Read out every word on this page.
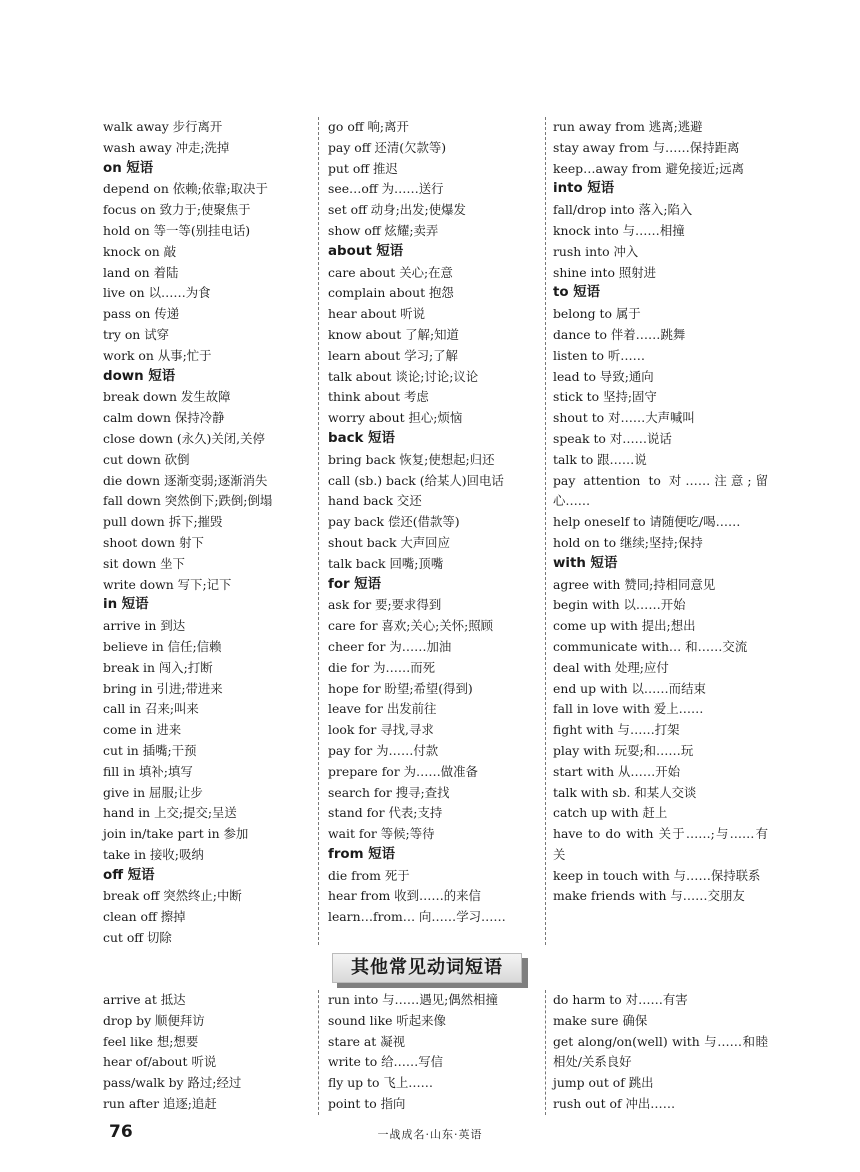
walk away 步行离开
wash away 冲走;洗掉
on 短语
depend on 依赖;依靠;取决于
focus on 致力于;使聚焦于
hold on 等一等(别挂电话)
knock on 敲
land on 着陆
live on 以……为食
pass on 传递
try on 试穿
work on 从事;忙于
down 短语
break down 发生故障
calm down 保持冷静
close down (永久)关闭,关停
cut down 砍倒
die down 逐渐变弱;逐渐消失
fall down 突然倒下;跌倒;倒塌
pull down 拆下;摧毁
shoot down 射下
sit down 坐下
write down 写下;记下
in 短语
arrive in 到达
believe in 信任;信赖
break in 闯入;打断
bring in 引进;带进来
call in 召来;叫来
come in 进来
cut in 插嘴;干预
fill in 填补;填写
give in 屈服;让步
hand in 上交;提交;呈送
join in/take part in 参加
take in 接收;吸纳
off 短语
break off 突然终止;中断
clean off 擦掉
cut off 切除
go off 响;离开
pay off 还清(欠款等)
put off 推迟
see…off 为……送行
set off 动身;出发;使爆发
show off 炫耀;卖弄
about 短语
care about 关心;在意
complain about 抱怨
hear about 听说
know about 了解;知道
learn about 学习;了解
talk about 谈论;讨论;议论
think about 考虑
worry about 担心;烦恼
back 短语
bring back 恢复;使想起;归还
call (sb.) back (给某人)回电话
hand back 交还
pay back 偿还(借款等)
shout back 大声回应
talk back 回嘴;顶嘴
for 短语
ask for 要;要求得到
care for 喜欢;关心;关怀;照顾
cheer for 为……加油
die for 为……而死
hope for 盼望;希望(得到)
leave for 出发前往
look for 寻找,寻求
pay for 为……付款
prepare for 为……做准备
search for 搜寻;查找
stand for 代表;支持
wait for 等候;等待
from 短语
die from 死于
hear from 收到……的来信
learn…from… 向……学习……
run away from 逃离;逃避
stay away from 与……保持距离
keep…away from 避免接近;远离
into 短语
fall/drop into 落入;陷入
knock into 与……相撞
rush into 冲入
shine into 照射进
to 短语
belong to 属于
dance to 伴着……跳舞
listen to 听……
lead to 导致;通向
stick to 坚持;固守
shout to 对……大声喊叫
speak to 对……说话
talk to 跟……说
pay attention to 对……注意;留心……
help oneself to 请随便吃/喝……
hold on to 继续;坚持;保持
with 短语
agree with 赞同;持相同意见
begin with 以……开始
come up with 提出;想出
communicate with… 和……交流
deal with 处理;应付
end up with 以……而结束
fall in love with 爱上……
fight with 与……打架
play with 玩耍;和……玩
start with 从……开始
talk with sb. 和某人交谈
catch up with 赶上
have to do with 关于……;与……有关
keep in touch with 与……保持联系
make friends with 与……交朋友
其他常见动词短语
arrive at 抵达
drop by 顺便拜访
feel like 想;想要
hear of/about 听说
pass/walk by 路过;经过
run after 追逐;追赶
run into 与……遇见;偶然相撞
sound like 听起来像
stare at 凝视
write to 给……写信
fly up to 飞上……
point to 指向
do harm to 对……有害
make sure 确保
get along/on(well) with 与……和睦相处/关系良好
jump out of 跳出
rush out of 冲出……
76	一战成名·山东·英语
